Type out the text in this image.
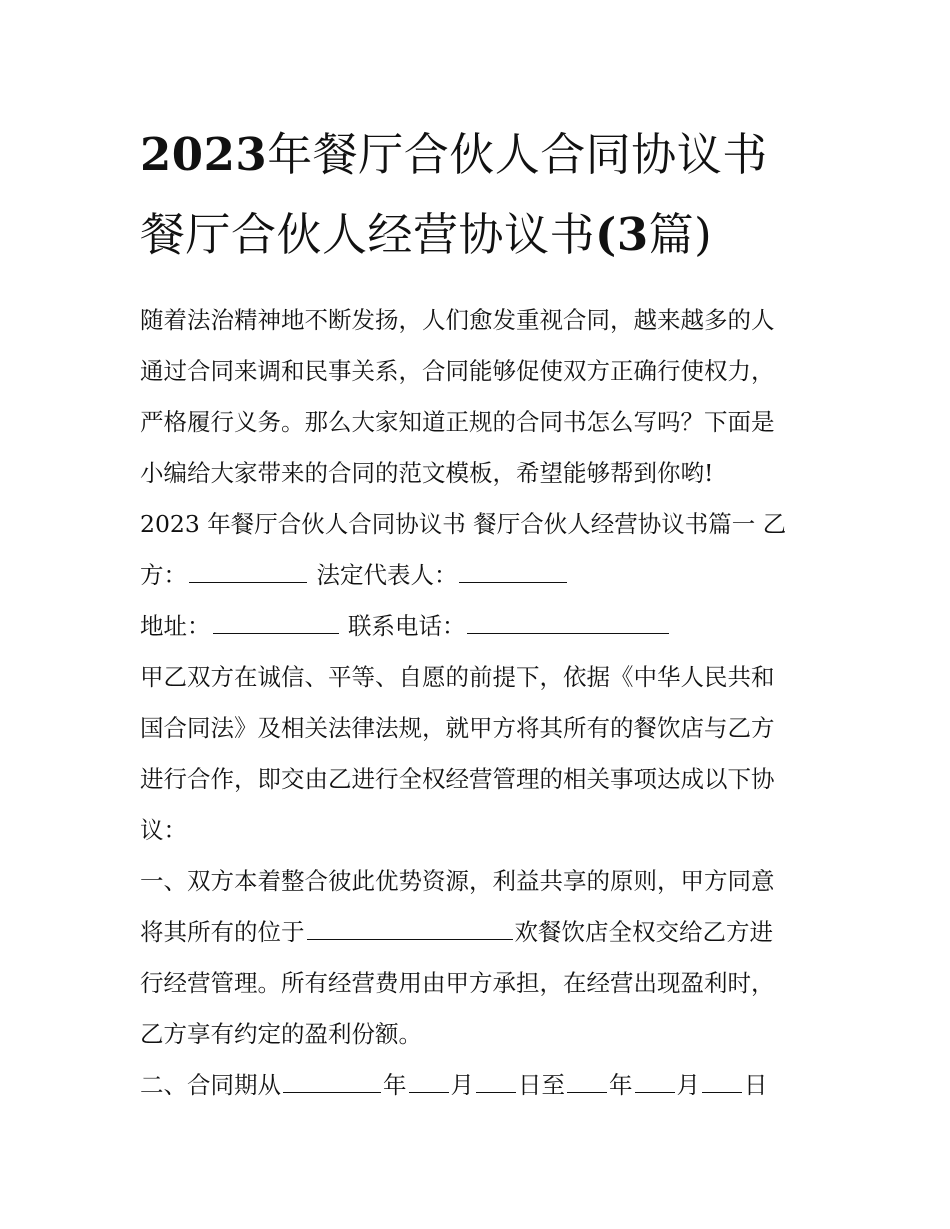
2023年餐厅合伙人合同协议书
餐厅合伙人经营协议书(3篇)

随着法治精神地不断发扬，人们愈发重视合同，越来越多的人

通过合同来调和民事关系，合同能够促使双方正确行使权力，

严格履行义务。那么大家知道正规的合同书怎么写吗？下面是

小编给大家带来的合同的范文模板，希望能够帮到你哟!

2023 年餐厅合伙人合同协议书 餐厅合伙人经营协议书篇一 乙

方：	法定代表人：

地址：	联系电话：

甲乙双方在诚信、平等、自愿的前提下，依据《中华人民共和

国合同法》及相关法律法规，就甲方将其所有的餐饮店与乙方

进行合作，即交由乙进行全权经营管理的相关事项达成以下协

议：

一、双方本着整合彼此优势资源，利益共享的原则，甲方同意

将其所有的位于	欢餐饮店全权交给乙方进

行经营管理。所有经营费用由甲方承担，在经营出现盈利时，

乙方享有约定的盈利份额。

二、合同期从	年 月 日至 年 月 日
